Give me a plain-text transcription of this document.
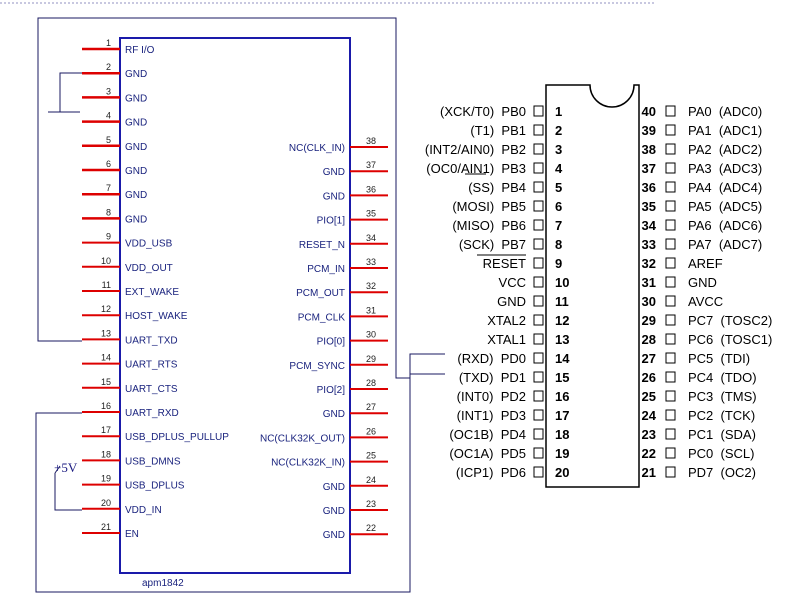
1
RF I/O
2
GND
3
GND
4
GND
5
GND
6
GND
7
GND
8
GND
9
VDD_USB
10
VDD_OUT
11
EXT_WAKE
12
HOST_WAKE
13
UART_TXD
14
UART_RTS
15
UART_CTS
16
UART_RXD
17
USB_DPLUS_PULLUP
18
USB_DMNS
19
USB_DPLUS
20
VDD_IN
21
EN
38
NC(CLK_IN)
37
GND
36
GND
35
PIO[1]
34
RESET_N
33
PCM_IN
32
PCM_OUT
31
PCM_CLK
30
PIO[0]
29
PCM_SYNC
28
PIO[2]
27
GND
26
NC(CLK32K_OUT)
25
NC(CLK32K_IN)
24
GND
23
GND
22
GND
apm1842
1
(XCK/T0)  PB0
2
(T1)  PB1
3
(INT2/AIN0)  PB2
4
(OC0/AIN1)  PB3
5
(SS)  PB4
6
(MOSI)  PB5
7
(MISO)  PB6
8
(SCK)  PB7
9
RESET
10
VCC
11
GND
12
XTAL2
13
XTAL1
14
(RXD)  PD0
15
(TXD)  PD1
16
(INT0)  PD2
17
(INT1)  PD3
18
(OC1B)  PD4
19
(OC1A)  PD5
20
(ICP1)  PD6
40 PA0  (ADC0)
39 PA1  (ADC1)
38 PA2  (ADC2)
37 PA3  (ADC3)
36 PA4  (ADC4)
35 PA5  (ADC5)
34 PA6  (ADC6)
33 PA7  (ADC7)
32 AREF
31 GND
30 AVCC
29 PC7  (TOSC2)
28 PC6  (TOSC1)
27 PC5  (TDI)
26 PC4  (TDO)
25 PC3  (TMS)
24 PC2  (TCK)
23 PC1  (SDA)
22 PC0  (SCL)
21 PD7  (OC2)
+5V
